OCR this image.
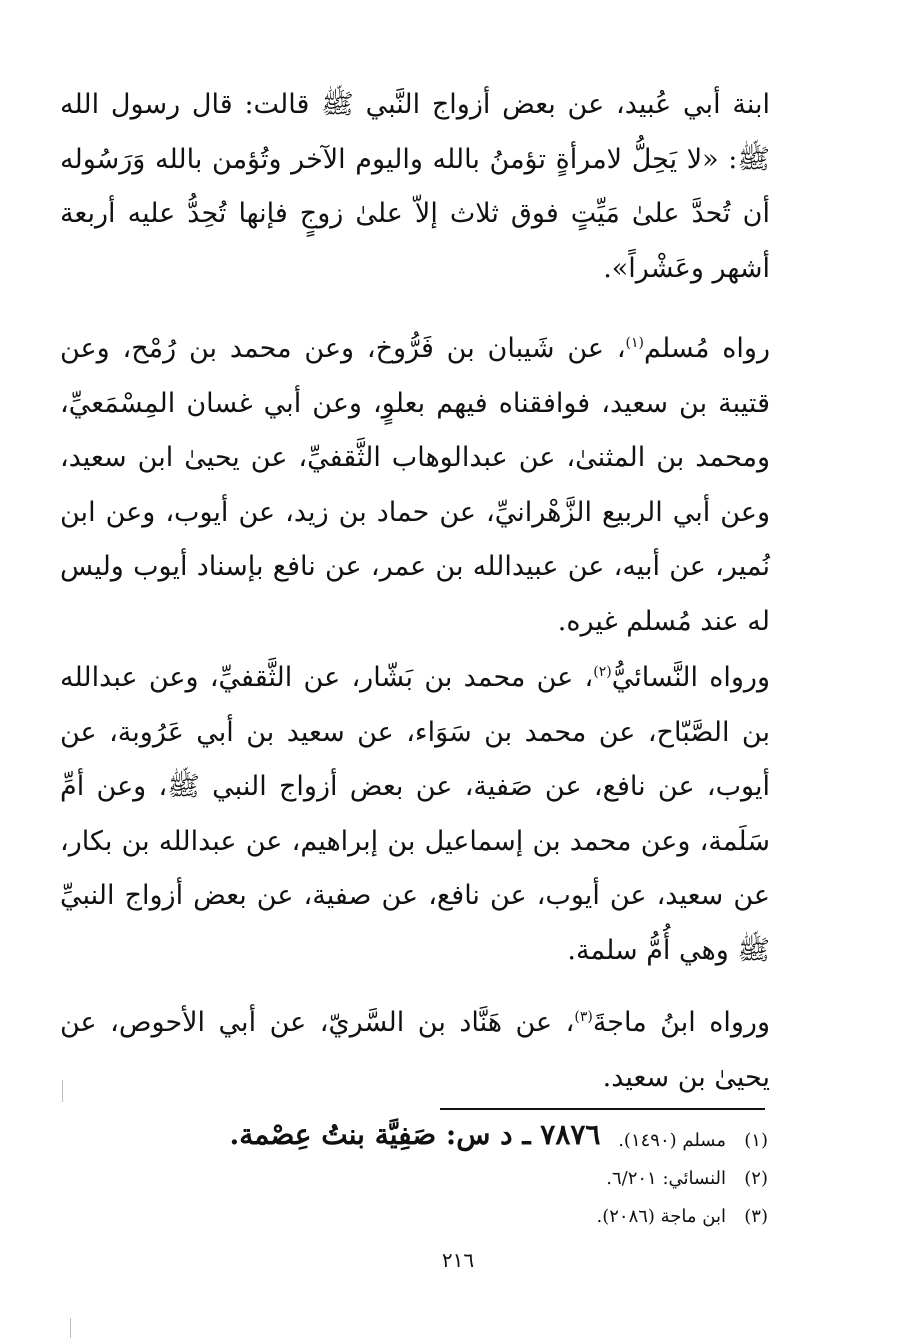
ابنة أبي عُبيد، عن بعض أزواج النَّبي ﷺ قالت: قال رسول الله ﷺ: «لا يَحِلُّ لامرأةٍ تؤمنُ بالله واليوم الآخر وتُؤمن بالله وَرَسُوله أن تُحدَّ علىٰ مَيِّتٍ فوق ثلاث إلاّ علىٰ زوجٍ فإنها تُحِدُّ عليه أربعة أشهر وعَشْراً».

رواه مُسلم$^{(١)}$، عن شَيبان بن فَرُّوخ، وعن محمد بن رُمْح، وعن قتيبة بن سعيد، فوافقناه فيهم بعلوٍ، وعن أبي غسان المِسْمَعيِّ، ومحمد بن المثنىٰ، عن عبدالوهاب الثَّقفيِّ، عن يحيىٰ ابن سعيد، وعن أبي الربيع الزَّهْرانيِّ، عن حماد بن زيد، عن أيوب، وعن ابن نُمير، عن أبيه، عن عبيدالله بن عمر، عن نافع بإسناد أيوب وليس له عند مُسلم غيره.

ورواه النَّسائيُّ$^{(٢)}$، عن محمد بن بَشّار، عن الثَّقفيِّ، وعن عبدالله بن الصَّبّاح، عن محمد بن سَوَاء، عن سعيد بن أبي عَرُوبة، عن أيوب، عن نافع، عن صَفية، عن بعض أزواج النبي ﷺ، وعن أمِّ سَلَمة، وعن محمد بن إسماعيل بن إبراهيم، عن عبدالله بن بكار، عن سعيد، عن أيوب، عن نافع، عن صفية، عن بعض أزواج النبيِّ ﷺ وهي أُمُّ سلمة.

ورواه ابنُ ماجةَ$^{(٣)}$، عن هَنَّاد بن السَّريّ، عن أبي الأحوص، عن يحيىٰ بن سعيد.

٧٨٧٦ ـ د س: صَفِيَّة بنتُ عِصْمة.	(١)مسلم (١٤٩٠).

(٢)النسائي: ٦/٢٠١.

(٣)ابن ماجة (٢٠٨٦).

٢١٦
